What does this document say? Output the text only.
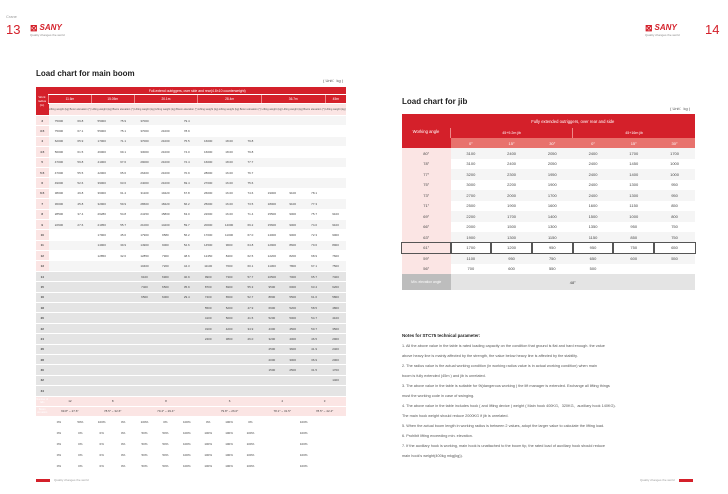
Crane
13 ⊠ SANY
Quality changes the world
Load chart for main boom
( Unit：kg )
Work radius (m)	Full-extend outriggers, over side and rear(4.8×10 counterweight)													
	11.6m		15.05m		20.1m			28.4m			36.7m			45m
	Lifting weight (kg)	Boom elevation (°)	Lifting weight (kg)	Boom elevation (°)	Lifting weight (kg)	Lifting weight (kg)	Boom elevation (°)	Lifting weight (kg)	Lifting weight (kg)	Boom elevation (°)	Lifting weight (kg)	Lifting weight (kg)	Boom elevation (°)	Lifting weight (kg)
3	75000	69.8	55000	75.9	37000		79.4							
3.5	75000	67.1	55000	75.1	37000	21000	78.9							
4	62000	65.9	17000	71.1	37000	21000	75.5	16000	18.00	79.8				
4.5	56000	61.5	46000	69.1	33000	21000	74.0	16000	18.00	79.8				
5	47000	59.8	41000	67.6	29000	21000	72.4	16000	18.00	77.7				
5.5	47000	55.5	42000	65.6	26400	21000	70.9	28000	16.00	76.7				
6	49000	52.6	39000	63.6	24000	21000	69.4	27000	16.00	75.6				
6.5	38000	49.8	36000	61.4	31100	19420	67.8	26000	16.00	74.6	19000	9100	78.1	
7	36000	45.8	32900	59.9	28600	18420	66.2	25000	16.00	73.5	18000	9100	77.3	
8	28500	37.4	26280	54.8	24150	15800	63.0	22600	16.00	71.4	15500	9000	75.7	9100
9	22600	27.6	21950	55.7	21000	14200	59.7	20000	14000	69.2	15600	9000	74.0	9100
10			17900	45.0	17900	9580	56.2	17000	11000	67.0	14000	9000	72.3	9000
11			14900	39.9	14900	9000	52.6	14500	9600	64.8	12900	8600	70.6	8900
12			12850	32.6	12850	7900	48.6	12450	8400	62.5	12200	8200	68.9	7600
13					10400	7200	44.3	11100	7600	60.1	11300	7800	67.1	7500
14					9100	6900	40.9	9900	7300	57.7	10500	7000	65.7	7400
15					7400	6500	35.9	8700	6900	55.3	9500	6000	63.4	6200
16					6500	6000	29.4	7400	6500	52.7	8800	5500	61.6	5800
18								5500	5200	47.9	6900	5200	58.5	4800
20								4100	5000	41.5	5200	5000	54.7	4100
22								3100	4200	34.9	4300	4500	50.7	3500
24								2400	3800	26.0	3200	4000	46.5	2900
26											2500	3600	41.9	2400
28											2000	3000	36.9	2000
30											1500	2500	31.5	1700
32														1400
34														
Number of falls	12		8		8			6			4		3	
Boom elevation	69.8° ~ 27.6°		78.5° ~ 32.6°		79.4° ~ 29.4°			79.8° ~ 26.0°			78.1° ~ 31.5°		78.5° ~ 42.4°	
Sec.1 extend	0%	50%	100%	0%	100%	0%	100%	0%	100%	0%	100%			
Sec.2 extend	0%	0%	0%	0%	50%	50%	100%	100%	100%	100%	100%			
Sec.3 extend	0%	0%	0%	0%	50%	50%	100%	100%	100%	100%	100%			
Sec.4 extend	0%	0%	0%	0%	50%	50%	100%	100%	100%	100%	100%			
Sec.5 extend	0%	0%	0%	0%	50%	50%	100%	100%	100%	100%	100%			
Quality changes the world
⊠ SANY
Quality changes the world 14
Load chart for jib
( Unit：kg )
Working angle	Fully extended outriggers, over rear and side					
	45+9.2m jib			45+16m jib		
	0°	15°	30°	0°	15°	30°
80°	3100	2400	2050	2400	1700	1700
78°	3100	2400	2050	2400	1450	1000
77°	3200	2300	1950	2400	1400	1000
75°	3000	2200	1900	2400	1300	950
73°	2700	2000	1700	2400	1300	950
71°	2500	1900	1600	1600	1150	850
69°	2200	1700	1400	1500	1000	800
66°	2000	1500	1300	1350	950	750
63°	1900	1300	1150	1150	850	750
61°	1700	1200	950	950	750	650
59°	1100	950	750	650	600	550
56°	700	600	550	500		
Min. elevation angle	48°					
Notes for STC75 technical parameter:
1. All the above value in the table is rated loading capacity on the condition that ground is flat and hard enough. the value
above heavy line is mainly affected by the strength, the value below heavy line is affected by the stability.
2. The radius value is the actual working condition (in working radius value is in actual working condition) when main
boom is fully extended (45m ) and jib is unrelated.
3. The above value in the table is suitable for 9t(dangerous working ) the lift manager is extended. Exchange all lifting things
must the working code in case of swinging.
4. The above value in the table includes hook ( and lifting device ) weight ( Main hook 400KG、320KG、auxiliary hook 140KG).
The main hook weight should reduce 2000KG if jib is unrelated.
5. When the actual boom length in working radius is between 2 values, adopt the larger value to calculate the lifting load.
6. Prohibit lifting exceeding min. elevation.
7. If the auxiliary hook is working, main hook is unattached to the boom tip, the rated load of auxiliary hook should reduce
main hook's weight(400kg mkg(kg)).
Quality changes the world
